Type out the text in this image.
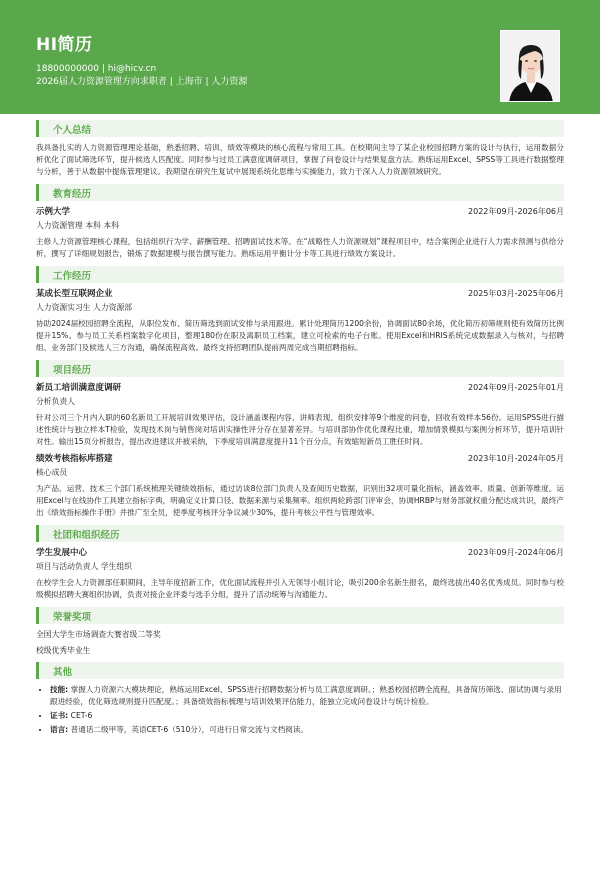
HI简历
18800000000 | hi@hicv.cn
2026届人力资源管理方向求职者 | 上海市 | 人力资源
个人总结
我具备扎实的人力资源管理理论基础，熟悉招聘、培训、绩效等模块的核心流程与常用工具。在校期间主导了某企业校园招聘方案的设计与执行，运用数据分析优化了面试筛选环节，提升候选人匹配度。同时参与过员工满意度调研项目，掌握了问卷设计与结果复盘方法。熟练运用Excel、SPSS等工具进行数据整理与分析，善于从数据中提炼管理建议。我期望在研究生复试中展现系统化思维与实操能力，致力于深入人力资源领域研究。
教育经历
示例大学	2022年09月-2026年06月
人力资源管理 本科 本科
主修人力资源管理核心课程，包括组织行为学、薪酬管理、招聘面试技术等。在“战略性人力资源规划”课程项目中，结合案例企业进行人力需求预测与供给分析，撰写了详细规划报告，锻炼了数据建模与报告撰写能力。熟练运用平衡计分卡等工具进行绩效方案设计。
工作经历
某成长型互联网企业	2025年03月-2025年06月
人力资源实习生 人力资源部
协助2024届校园招聘全流程，从职位发布、简历筛选到面试安排与录用跟进。累计处理简历1200余份，协调面试80余场，优化简历初筛规则使有效简历比例提升15%。参与员工关系档案数字化项目，整理180份在职及离职员工档案，建立可检索的电子台账。使用Excel和HRIS系统完成数据录入与核对，与招聘组、业务部门及候选人三方沟通，确保流程高效。最终支持招聘团队提前两周完成当期招聘指标。
项目经历
新员工培训满意度调研	2024年09月-2025年01月
分析负责人
针对公司三个月内入职的60名新员工开展培训效果评估，设计涵盖课程内容、讲师表现、组织安排等9个维度的问卷，回收有效样本56份。运用SPSS进行描述性统计与独立样本T检验，发现技术岗与销售岗对培训实操性评分存在显著差异。与培训部协作优化课程比重，增加情景模拟与案例分析环节，提升培训针对性。输出15页分析报告，提出改进建议并被采纳，下季度培训满意度提升11个百分点，有效缩短新员工胜任时间。
绩效考核指标库搭建	2023年10月-2024年05月
核心成员
为产品、运营、技术三个部门系统梳理关键绩效指标，通过访谈8位部门负责人及查阅历史数据，识别出32项可量化指标，涵盖效率、质量、创新等维度。运用Excel与在线协作工具建立指标字典，明确定义计算口径、数据来源与采集频率。组织两轮跨部门评审会，协调HRBP与财务部就权重分配达成共识，最终产出《绩效指标操作手册》并推广至全员，使季度考核评分争议减少30%，提升考核公平性与管理效率。
社团和组织经历
学生发展中心	2023年09月-2024年06月
项目与活动负责人 学生组织
在校学生会人力资源部任职期间，主导年度招新工作，优化面试流程并引入无领导小组讨论，吸引200余名新生报名，最终选拔出40名优秀成员。同时参与校级模拟招聘大赛组织协调，负责对接企业评委与选手分组，提升了活动统筹与沟通能力。
荣誉奖项
全国大学生市场调查大赛省级二等奖
校级优秀毕业生
其他
• 技能: 掌握人力资源六大模块理论，熟练运用Excel、SPSS进行招聘数据分析与员工满意度调研。；熟悉校园招聘全流程，具备简历筛选、面试协调与录用跟进经验，优化筛选规则提升匹配度。；具备绩效指标梳理与培训效果评估能力，能独立完成问卷设计与统计检验。
• 证书: CET-6
• 语言: 普通话二级甲等，英语CET-6（510分），可进行日常交流与文档阅读。
